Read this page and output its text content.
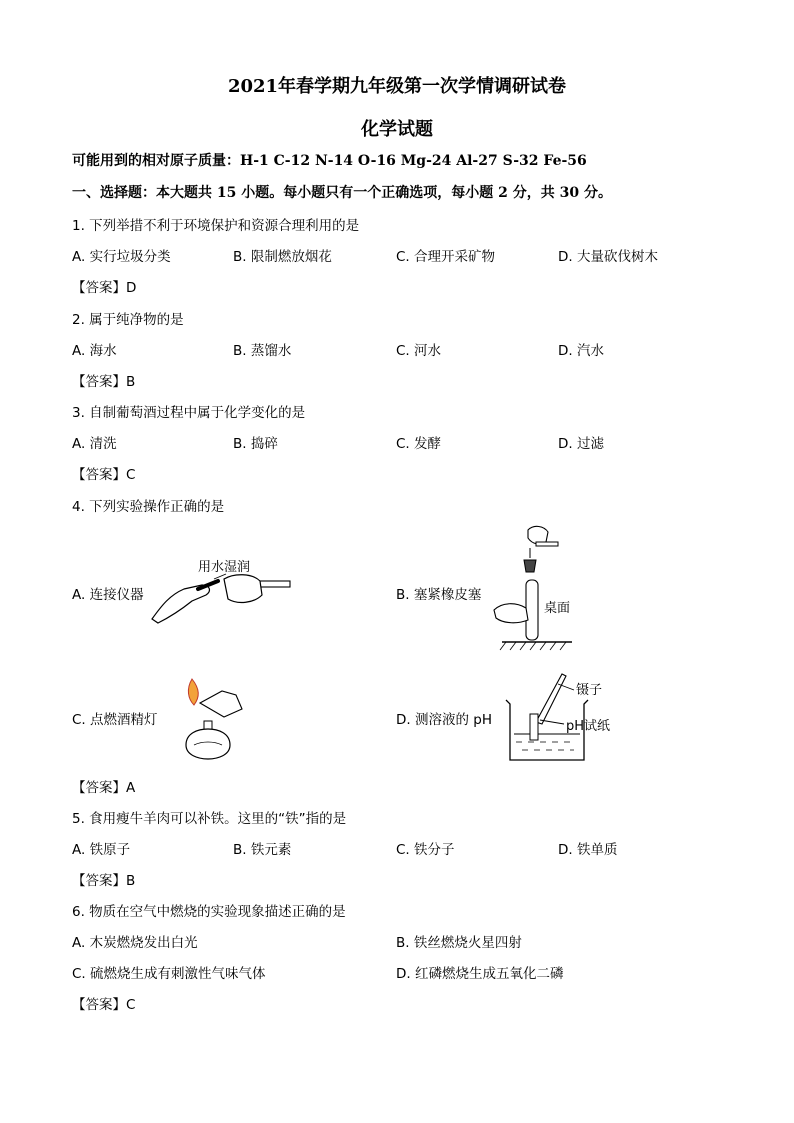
2021年春学期九年级第一次学情调研试卷
化学试题
可能用到的相对原子质量：H-1 C-12 N-14 O-16 Mg-24 Al-27 S-32 Fe-56
一、选择题：本大题共 15 小题。每小题只有一个正确选项，每小题 2 分，共 30 分。
1. 下列举措不利于环境保护和资源合理利用的是
A. 实行垃圾分类	B. 限制燃放烟花	C. 合理开采矿物	D. 大量砍伐树木
【答案】D
2. 属于纯净物的是
A. 海水	B. 蒸馏水	C. 河水	D. 汽水
【答案】B
3. 自制葡萄酒过程中属于化学变化的是
A. 清洗	B. 捣碎	C. 发酵	D. 过滤
【答案】C
4. 下列实验操作正确的是
A. 连接仪器
用水湿润
B. 塞紧橡皮塞
桌面
C. 点燃酒精灯	D. 测溶液的 pH
镊子
pH试纸
【答案】A
5. 食用瘦牛羊肉可以补铁。这里的“铁”指的是
A. 铁原子	B. 铁元素	C. 铁分子	D. 铁单质
【答案】B
6. 物质在空气中燃烧的实验现象描述正确的是
A. 木炭燃烧发出白光	B. 铁丝燃烧火星四射
C. 硫燃烧生成有刺激性气味气体	D. 红磷燃烧生成五氧化二磷
【答案】C
